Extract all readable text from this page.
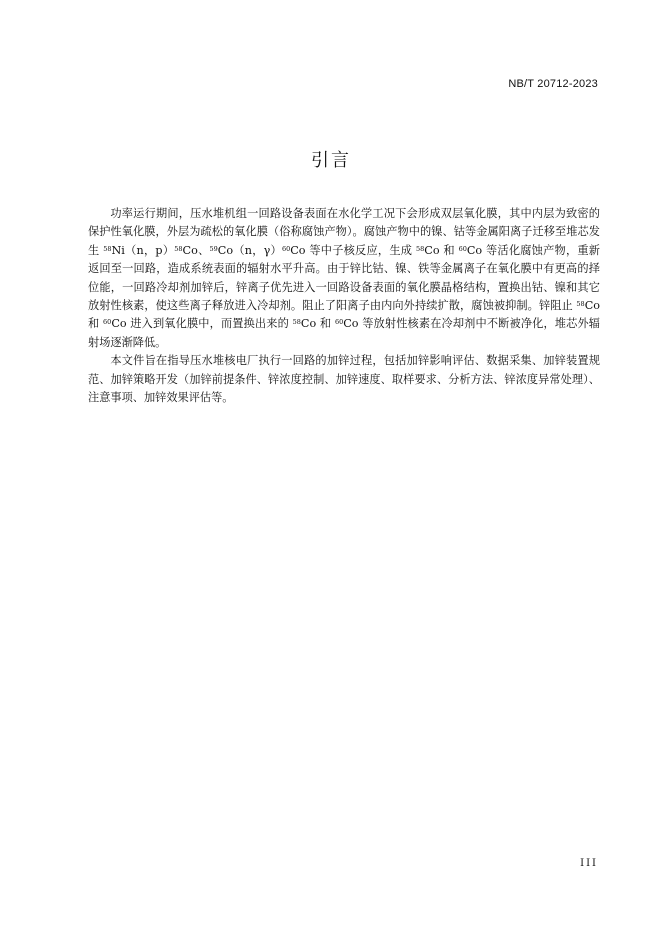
NB/T 20712-2023
引言

功率运行期间，压水堆机组一回路设备表面在水化学工况下会形成双层氧化膜，其中内层为致密的保护性氧化膜，外层为疏松的氧化膜（俗称腐蚀产物）。腐蚀产物中的镍、钴等金属阳离子迁移至堆芯发生 $^{58}$Ni（n，p）$^{58}$Co、$^{59}$Co（n，γ）$^{60}$Co 等中子核反应，生成 $^{58}$Co 和 $^{60}$Co 等活化腐蚀产物，重新返回至一回路，造成系统表面的辐射水平升高。由于锌比钴、镍、铁等金属离子在氧化膜中有更高的择位能，一回路冷却剂加锌后，锌离子优先进入一回路设备表面的氧化膜晶格结构，置换出钴、镍和其它放射性核素，使这些离子释放进入冷却剂。阻止了阳离子由内向外持续扩散，腐蚀被抑制。锌阻止 $^{58}$Co 和 $^{60}$Co 进入到氧化膜中，而置换出来的 $^{58}$Co 和 $^{60}$Co 等放射性核素在冷却剂中不断被净化，堆芯外辐射场逐渐降低。

本文件旨在指导压水堆核电厂执行一回路的加锌过程，包括加锌影响评估、数据采集、加锌装置规范、加锌策略开发（加锌前提条件、锌浓度控制、加锌速度、取样要求、分析方法、锌浓度异常处理）、注意事项、加锌效果评估等。

III
